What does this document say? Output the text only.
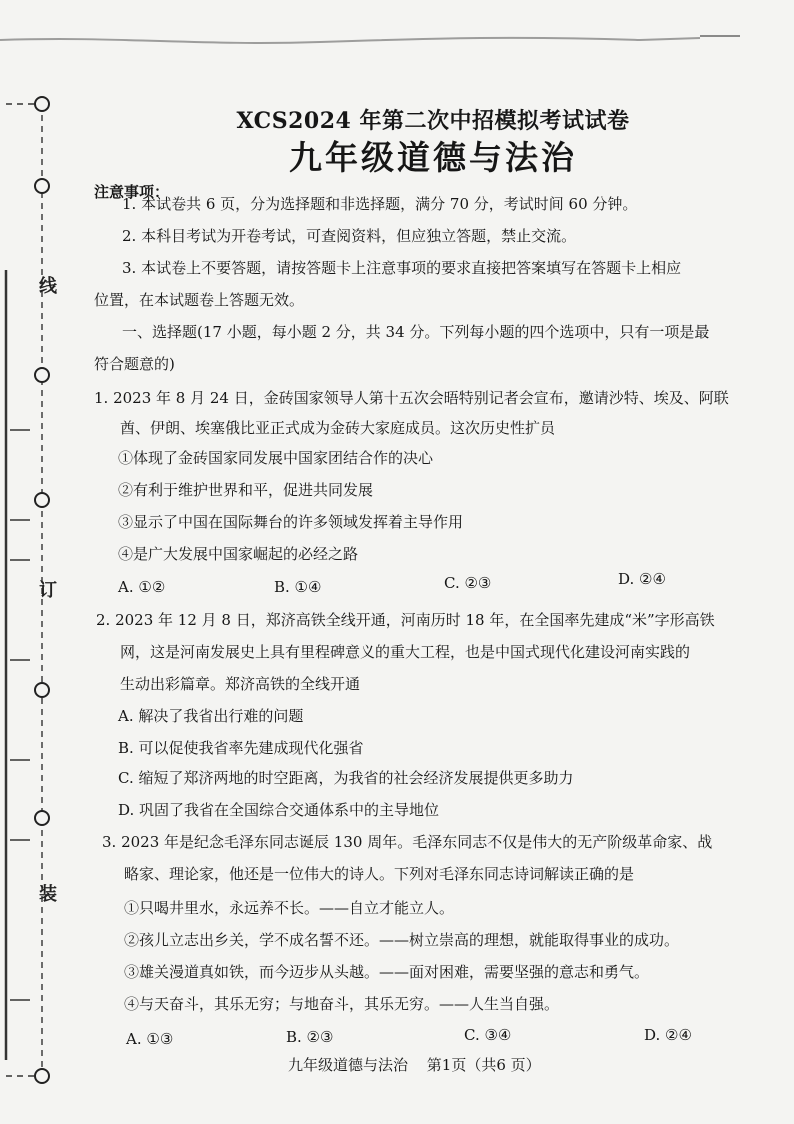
线
订
装
XCS2024 年第二次中招模拟考试试卷
九年级道德与法治
注意事项：
1. 本试卷共 6 页，分为选择题和非选择题，满分 70 分，考试时间 60 分钟。
2. 本科目考试为开卷考试，可查阅资料，但应独立答题，禁止交流。
3. 本试卷上不要答题，请按答题卡上注意事项的要求直接把答案填写在答题卡上相应
位置，在本试题卷上答题无效。
一、选择题(17 小题，每小题 2 分，共 34 分。下列每小题的四个选项中，只有一项是最
符合题意的)
1. 2023 年 8 月 24 日，金砖国家领导人第十五次会晤特别记者会宣布，邀请沙特、埃及、阿联
酋、伊朗、埃塞俄比亚正式成为金砖大家庭成员。这次历史性扩员
①体现了金砖国家同发展中国家团结合作的决心
②有利于维护世界和平，促进共同发展
③显示了中国在国际舞台的许多领域发挥着主导作用
④是广大发展中国家崛起的必经之路
A. ①②	B. ①④	C. ②③	D. ②④
2. 2023 年 12 月 8 日，郑济高铁全线开通，河南历时 18 年，在全国率先建成“米”字形高铁
网，这是河南发展史上具有里程碑意义的重大工程，也是中国式现代化建设河南实践的
生动出彩篇章。郑济高铁的全线开通
A. 解决了我省出行难的问题
B. 可以促使我省率先建成现代化强省
C. 缩短了郑济两地的时空距离，为我省的社会经济发展提供更多助力
D. 巩固了我省在全国综合交通体系中的主导地位
3. 2023 年是纪念毛泽东同志诞辰 130 周年。毛泽东同志不仅是伟大的无产阶级革命家、战
略家、理论家，他还是一位伟大的诗人。下列对毛泽东同志诗词解读正确的是
①只喝井里水，永远养不长。——自立才能立人。
②孩儿立志出乡关，学不成名誓不还。——树立崇高的理想，就能取得事业的成功。
③雄关漫道真如铁，而今迈步从头越。——面对困难，需要坚强的意志和勇气。
④与天奋斗，其乐无穷；与地奋斗，其乐无穷。——人生当自强。
A. ①③	B. ②③	C. ③④	D. ②④
九年级道德与法治 第1页（共6 页）
